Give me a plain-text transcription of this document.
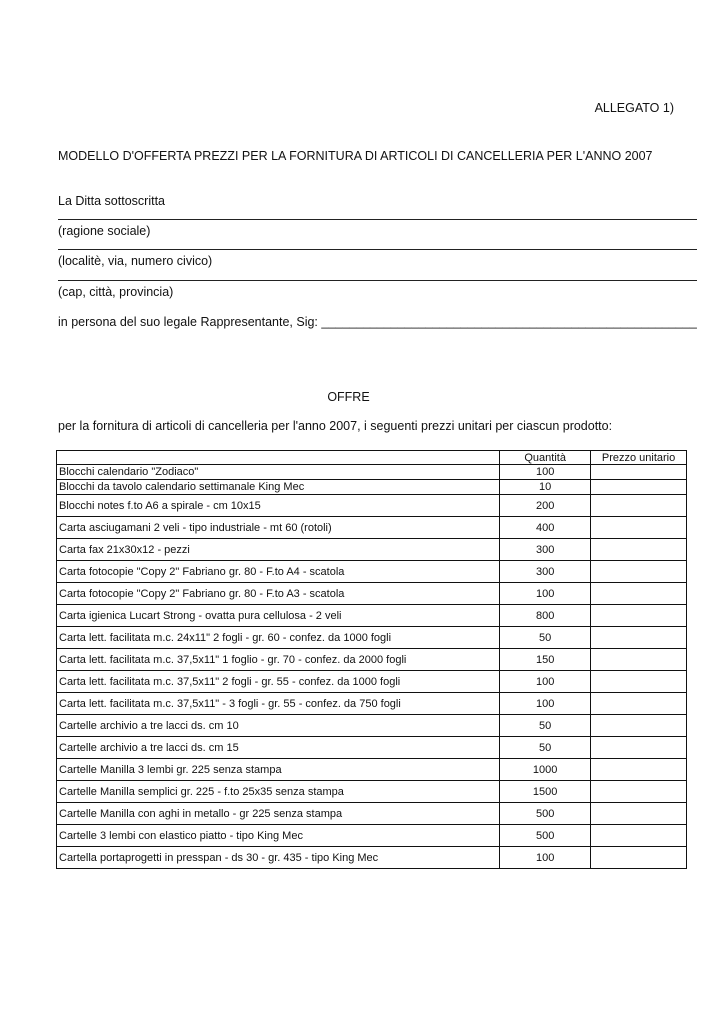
ALLEGATO 1)
MODELLO D'OFFERTA PREZZI PER LA FORNITURA DI ARTICOLI DI CANCELLERIA PER L'ANNO 2007
La Ditta sottoscritta
(ragione sociale)
(localitè, via, numero civico)
(cap, città, provincia)
in persona del suo legale Rappresentante, Sig: ______________________________________________________
OFFRE
per la fornitura di articoli di cancelleria per l'anno 2007, i seguenti prezzi unitari per ciascun prodotto:
	Quantità	Prezzo unitario
Blocchi calendario "Zodiaco"	100	
Blocchi da tavolo calendario settimanale King Mec	10	
Blocchi notes f.to A6 a spirale - cm 10x15	200	
Carta asciugamani 2 veli - tipo industriale - mt 60 (rotoli)	400	
Carta fax 21x30x12 - pezzi	300	
Carta fotocopie "Copy 2" Fabriano gr. 80 - F.to A4 - scatola	300	
Carta fotocopie "Copy 2" Fabriano gr. 80 - F.to A3 - scatola	100	
Carta igienica Lucart Strong - ovatta pura cellulosa - 2 veli	800	
Carta lett. facilitata m.c. 24x11" 2 fogli - gr. 60 - confez. da 1000 fogli	50	
Carta lett. facilitata m.c. 37,5x11" 1 foglio - gr. 70 - confez. da 2000 fogli	150	
Carta lett. facilitata m.c. 37,5x11" 2 fogli - gr. 55 - confez. da 1000 fogli	100	
Carta lett. facilitata m.c. 37,5x11" - 3 fogli - gr. 55 - confez. da 750 fogli	100	
Cartelle archivio a tre lacci ds. cm 10	50	
Cartelle archivio a tre lacci ds. cm 15	50	
Cartelle Manilla 3 lembi gr. 225 senza stampa	1000	
Cartelle Manilla semplici gr. 225 - f.to 25x35 senza stampa	1500	
Cartelle Manilla con aghi in metallo - gr 225 senza stampa	500	
Cartelle 3 lembi con elastico piatto - tipo King Mec	500	
Cartella portaprogetti in presspan - ds 30 - gr. 435 - tipo King Mec	100	
